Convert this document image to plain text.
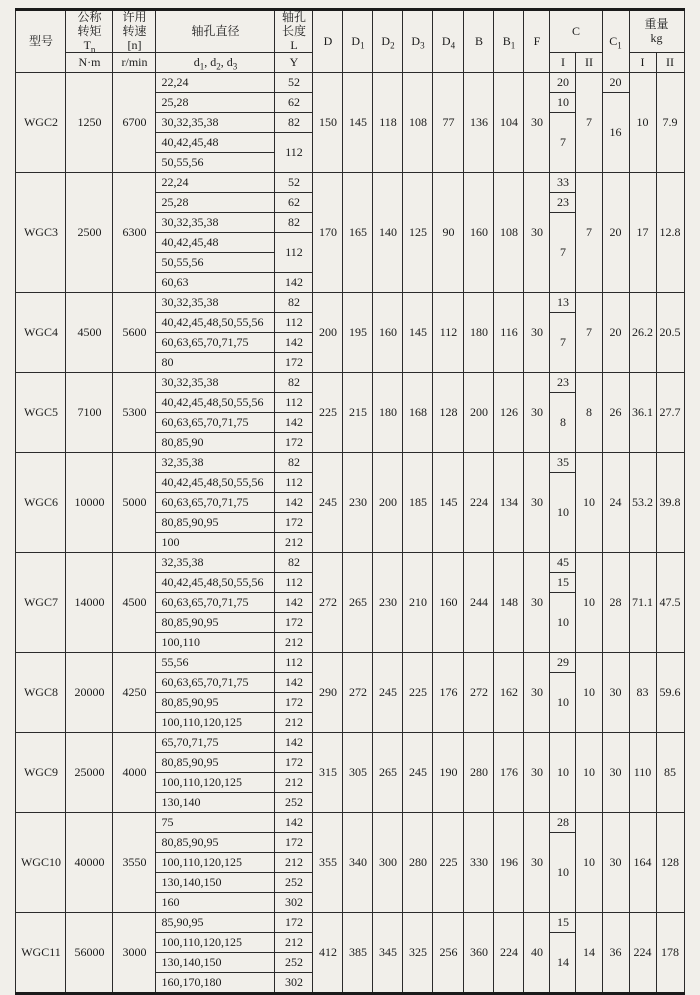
型号	公称
转矩
$T_n$	许用
转速
[n]	轴孔直径	轴孔
长度
L	D	$D_1$	$D_2$	$D_3$	$D_4$	B	$B_1$	F	C		$C_1$	重量
kg	

	N·m	r/min	$d_1$, $d_2$, $d_3$	Y									I	II		I	II
WGC2	1250	6700	22,24	52	150	145	118	108	77	136	104	30	20	7	20	10	7.9
			25,28	62									10		16		
			30,32,35,38	82									7				
			40,42,45,48	112													
			50,55,56														
WGC3	2500	6300	22,24	52	170	165	140	125	90	160	108	30	33	7	20	17	12.8
			25,28	62									23				
			30,32,35,38	82									7				
			40,42,45,48	112													
			50,55,56														
			60,63	142													
WGC4	4500	5600	30,32,35,38	82	200	195	160	145	112	180	116	30	13	7	20	26.2	20.5
			40,42,45,48,50,55,56	112									7				
			60,63,65,70,71,75	142													
			80	172													
WGC5	7100	5300	30,32,35,38	82	225	215	180	168	128	200	126	30	23	8	26	36.1	27.7
			40,42,45,48,50,55,56	112									8				
			60,63,65,70,71,75	142													
			80,85,90	172													
WGC6	10000	5000	32,35,38	82	245	230	200	185	145	224	134	30	35	10	24	53.2	39.8
			40,42,45,48,50,55,56	112									10				
			60,63,65,70,71,75	142													
			80,85,90,95	172													
			100	212													
WGC7	14000	4500	32,35,38	82	272	265	230	210	160	244	148	30	45	10	28	71.1	47.5
			40,42,45,48,50,55,56	112									15				
			60,63,65,70,71,75	142									10				
			80,85,90,95	172													
			100,110	212													
WGC8	20000	4250	55,56	112	290	272	245	225	176	272	162	30	29	10	30	83	59.6
			60,63,65,70,71,75	142									10				
			80,85,90,95	172													
			100,110,120,125	212													
WGC9	25000	4000	65,70,71,75	142	315	305	265	245	190	280	176	30	10	10	30	110	85
			80,85,90,95	172													
			100,110,120,125	212													
			130,140	252													
WGC10	40000	3550	75	142	355	340	300	280	225	330	196	30	28	10	30	164	128
			80,85,90,95	172									10				
			100,110,120,125	212													
			130,140,150	252													
			160	302													
WGC11	56000	3000	85,90,95	172	412	385	345	325	256	360	224	40	15	14	36	224	178
			100,110,120,125	212									14				
			130,140,150	252													
			160,170,180	302													
